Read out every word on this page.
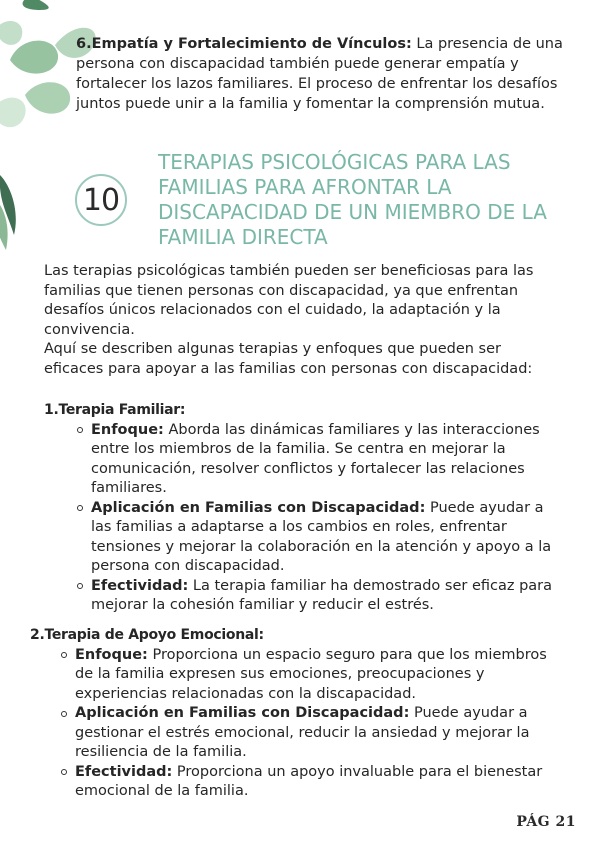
6.Empatía y Fortalecimiento de Vínculos: La presencia de una persona con discapacidad también puede generar empatía y fortalecer los lazos familiares. El proceso de enfrentar los desafíos juntos puede unir a la familia y fomentar la comprensión mutua.
10
TERAPIAS PSICOLÓGICAS PARA LAS FAMILIAS PARA AFRONTAR LA DISCAPACIDAD DE UN MIEMBRO DE LA FAMILIA DIRECTA
Las terapias psicológicas también pueden ser beneficiosas para las familias que tienen personas con discapacidad, ya que enfrentan desafíos únicos relacionados con el cuidado, la adaptación y la convivencia.
Aquí se describen algunas terapias y enfoques que pueden ser eficaces para apoyar a las familias con personas con discapacidad:
1.Terapia Familiar:
Enfoque: Aborda las dinámicas familiares y las interacciones entre los miembros de la familia. Se centra en mejorar la comunicación, resolver conflictos y fortalecer las relaciones familiares.
Aplicación en Familias con Discapacidad: Puede ayudar a las familias a adaptarse a los cambios en roles, enfrentar tensiones y mejorar la colaboración en la atención y apoyo a la persona con discapacidad.
Efectividad: La terapia familiar ha demostrado ser eficaz para mejorar la cohesión familiar y reducir el estrés.
2.Terapia de Apoyo Emocional:
Enfoque: Proporciona un espacio seguro para que los miembros de la familia expresen sus emociones, preocupaciones y experiencias relacionadas con la discapacidad.
Aplicación en Familias con Discapacidad: Puede ayudar a gestionar el estrés emocional, reducir la ansiedad y mejorar la resiliencia de la familia.
Efectividad: Proporciona un apoyo invaluable para el bienestar emocional de la familia.
PÁG 21
